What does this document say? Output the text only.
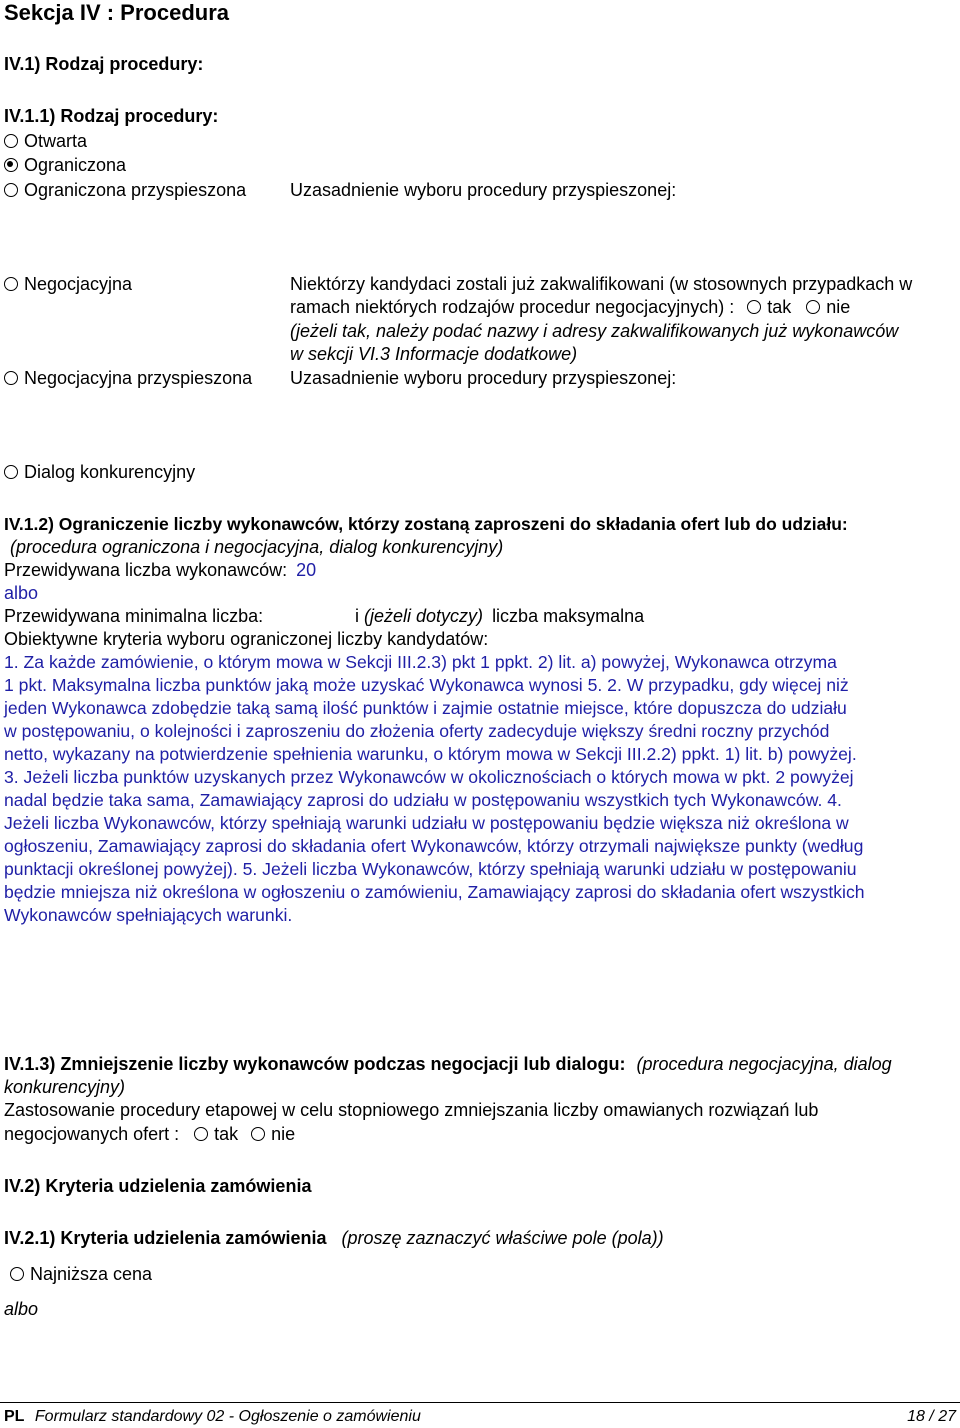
Sekcja IV : Procedura
IV.1) Rodzaj procedury:
IV.1.1) Rodzaj procedury:
Otwarta
Ograniczona
Ograniczona przyspieszona Uzasadnienie wyboru procedury przyspieszonej:
Negocjacyjna	Niektórzy kandydaci zostali już zakwalifikowani (w stosownych przypadkach w
ramach niektórych rodzajów procedur negocjacyjnych) : tak nie
(jeżeli tak, należy podać nazwy i adresy zakwalifikowanych już wykonawców
w sekcji VI.3 Informacje dodatkowe)
Negocjacyjna przyspieszona Uzasadnienie wyboru procedury przyspieszonej:
Dialog konkurencyjny
IV.1.2) Ograniczenie liczby wykonawców, którzy zostaną zaproszeni do składania ofert lub do udziału:
(procedura ograniczona i negocjacyjna, dialog konkurencyjny)
Przewidywana liczba wykonawców: 20
albo
Przewidywana minimalna liczba:	i (jeżeli dotyczy) liczba maksymalna
Obiektywne kryteria wyboru ograniczonej liczby kandydatów:
1. Za każde zamówienie, o którym mowa w Sekcji III.2.3) pkt 1 ppkt. 2) lit. a) powyżej, Wykonawca otrzyma
1 pkt. Maksymalna liczba punktów jaką może uzyskać Wykonawca wynosi 5. 2. W przypadku, gdy więcej niż
jeden Wykonawca zdobędzie taką samą ilość punktów i zajmie ostatnie miejsce, które dopuszcza do udziału
w postępowaniu, o kolejności i zaproszeniu do złożenia oferty zadecyduje większy średni roczny przychód
netto, wykazany na potwierdzenie spełnienia warunku, o którym mowa w Sekcji III.2.2) ppkt. 1) lit. b) powyżej.
3. Jeżeli liczba punktów uzyskanych przez Wykonawców w okolicznościach o których mowa w pkt. 2 powyżej
nadal będzie taka sama, Zamawiający zaprosi do udziału w postępowaniu wszystkich tych Wykonawców. 4.
Jeżeli liczba Wykonawców, którzy spełniają warunki udziału w postępowaniu będzie większa niż określona w
ogłoszeniu, Zamawiający zaprosi do składania ofert Wykonawców, którzy otrzymali największe punkty (według
punktacji określonej powyżej). 5. Jeżeli liczba Wykonawców, którzy spełniają warunki udziału w postępowaniu
będzie mniejsza niż określona w ogłoszeniu o zamówieniu, Zamawiający zaprosi do składania ofert wszystkich
Wykonawców spełniających warunki.
IV.1.3) Zmniejszenie liczby wykonawców podczas negocjacji lub dialogu: (procedura negocjacyjna, dialog
konkurencyjny)
Zastosowanie procedury etapowej w celu stopniowego zmniejszania liczby omawianych rozwiązań lub
negocjowanych ofert : tak nie
IV.2) Kryteria udzielenia zamówienia
IV.2.1) Kryteria udzielenia zamówienia (proszę zaznaczyć właściwe pole (pola))
Najniższa cena
albo
PL Formularz standardowy 02 - Ogłoszenie o zamówieniu	18 / 27
